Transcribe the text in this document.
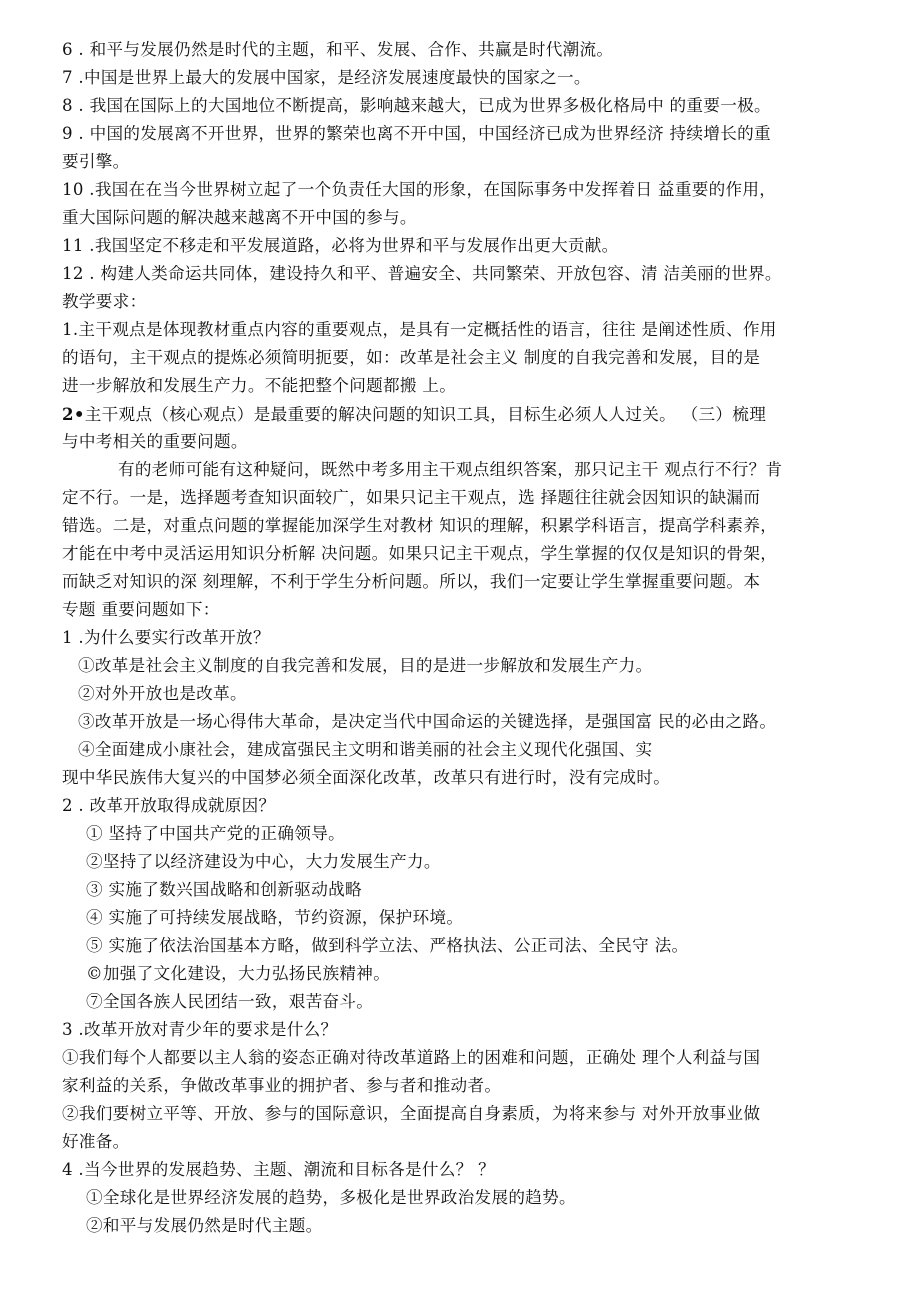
6 . 和平与发展仍然是时代的主题，和平、发展、合作、共赢是时代潮流。
7 .中国是世界上最大的发展中国家，是经济发展速度最快的国家之一。
8 . 我国在国际上的大国地位不断提高，影响越来越大，已成为世界多极化格局中 的重要一极。
9 . 中国的发展离不开世界，世界的繁荣也离不开中国，中国经济已成为世界经济 持续增长的重
要引擎。
10 .我国在在当今世界树立起了一个负责任大国的形象，在国际事务中发挥着日 益重要的作用，
重大国际问题的解决越来越离不开中国的参与。
11 .我国坚定不移走和平发展道路，必将为世界和平与发展作出更大贡献。
12 . 构建人类命运共同体，建设持久和平、普遍安全、共同繁荣、开放包容、清 洁美丽的世界。
教学要求：
1.主干观点是体现教材重点内容的重要观点，是具有一定概括性的语言，往往 是阐述性质、作用
的语句，主干观点的提炼必须简明扼要，如：改革是社会主义 制度的自我完善和发展，目的是
进一步解放和发展生产力。不能把整个问题都搬 上。
2•主干观点（核心观点）是最重要的解决问题的知识工具，目标生必须人人过关。 （三）梳理
与中考相关的重要问题。
有的老师可能有这种疑问，既然中考多用主干观点组织答案，那只记主干 观点行不行？肯
定不行。一是，选择题考查知识面较广，如果只记主干观点，选 择题往往就会因知识的缺漏而
错选。二是，对重点问题的掌握能加深学生对教材 知识的理解，积累学科语言，提高学科素养，
才能在中考中灵活运用知识分析解 决问题。如果只记主干观点，学生掌握的仅仅是知识的骨架，
而缺乏对知识的深 刻理解，不利于学生分析问题。所以，我们一定要让学生掌握重要问题。本
专题 重要问题如下：
1 .为什么要实行改革开放？
①改革是社会主义制度的自我完善和发展，目的是进一步解放和发展生产力。
②对外开放也是改革。
③改革开放是一场心得伟大革命，是决定当代中国命运的关键选择，是强国富 民的必由之路。
④全面建成小康社会，建成富强民主文明和谐美丽的社会主义现代化强国、实
现中华民族伟大复兴的中国梦必须全面深化改革，改革只有进行时，没有完成时。
2 . 改革开放取得成就原因？
① 坚持了中国共产党的正确领导。
②坚持了以经济建设为中心，大力发展生产力。
③ 实施了数兴国战略和创新驱动战略
④ 实施了可持续发展战略，节约资源，保护环境。
⑤ 实施了依法治国基本方略，做到科学立法、严格执法、公正司法、全民守 法。
©加强了文化建设，大力弘扬民族精神。
⑦全国各族人民团结一致，艰苦奋斗。
3 .改革开放对青少年的要求是什么？
①我们每个人都要以主人翁的姿态正确对待改革道路上的困难和问题，正确处 理个人利益与国
家利益的关系，争做改革事业的拥护者、参与者和推动者。
②我们要树立平等、开放、参与的国际意识，全面提高自身素质，为将来参与 对外开放事业做
好准备。
4 .当今世界的发展趋势、主题、潮流和目标各是什么？ ？
①全球化是世界经济发展的趋势，多极化是世界政治发展的趋势。
②和平与发展仍然是时代主题。
